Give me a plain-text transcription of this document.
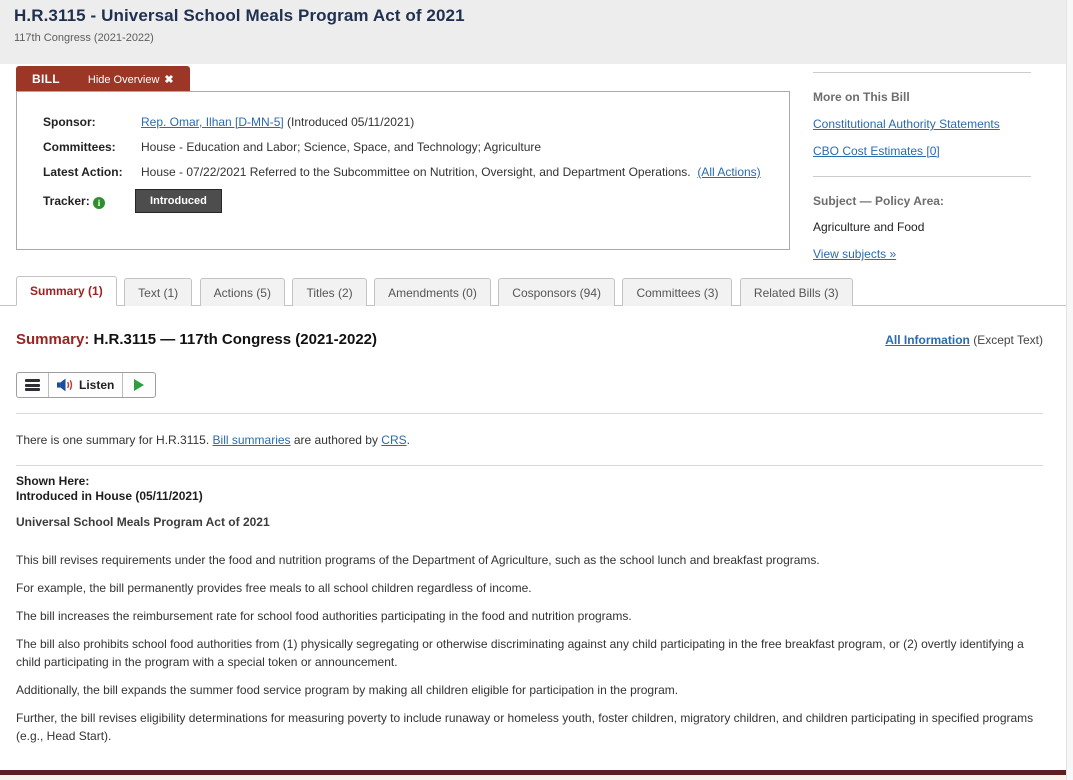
H.R.3115 - Universal School Meals Program Act of 2021
117th Congress (2021-2022)
BILL	Hide Overview ✖
Sponsor:	Rep. Omar, Ilhan [D-MN-5] (Introduced 05/11/2021)
Committees:	House - Education and Labor; Science, Space, and Technology; Agriculture
Latest Action:	House - 07/22/2021 Referred to the Subcommittee on Nutrition, Oversight, and Department Operations. (All Actions)
Tracker: i	Introduced
More on This Bill
Constitutional Authority Statements
CBO Cost Estimates [0]
Subject — Policy Area:
Agriculture and Food
View subjects »
Summary (1)	Text (1)	Actions (5)	Titles (2)	Amendments (0)	Cosponsors (94)	Committees (3)	Related Bills (3)
Summary: H.R.3115 — 117th Congress (2021-2022)	All Information (Except Text)
Listen
There is one summary for H.R.3115. Bill summaries are authored by CRS.
Shown Here:
Introduced in House (05/11/2021)
Universal School Meals Program Act of 2021

This bill revises requirements under the food and nutrition programs of the Department of Agriculture, such as the school lunch and breakfast programs.

For example, the bill permanently provides free meals to all school children regardless of income.

The bill increases the reimbursement rate for school food authorities participating in the food and nutrition programs.

The bill also prohibits school food authorities from (1) physically segregating or otherwise discriminating against any child participating in the free breakfast program, or (2) overtly identifying a child participating in the program with a special token or announcement.

Additionally, the bill expands the summer food service program by making all children eligible for participation in the program.

Further, the bill revises eligibility determinations for measuring poverty to include runaway or homeless youth, foster children, migratory children, and children participating in specified programs (e.g., Head Start).
